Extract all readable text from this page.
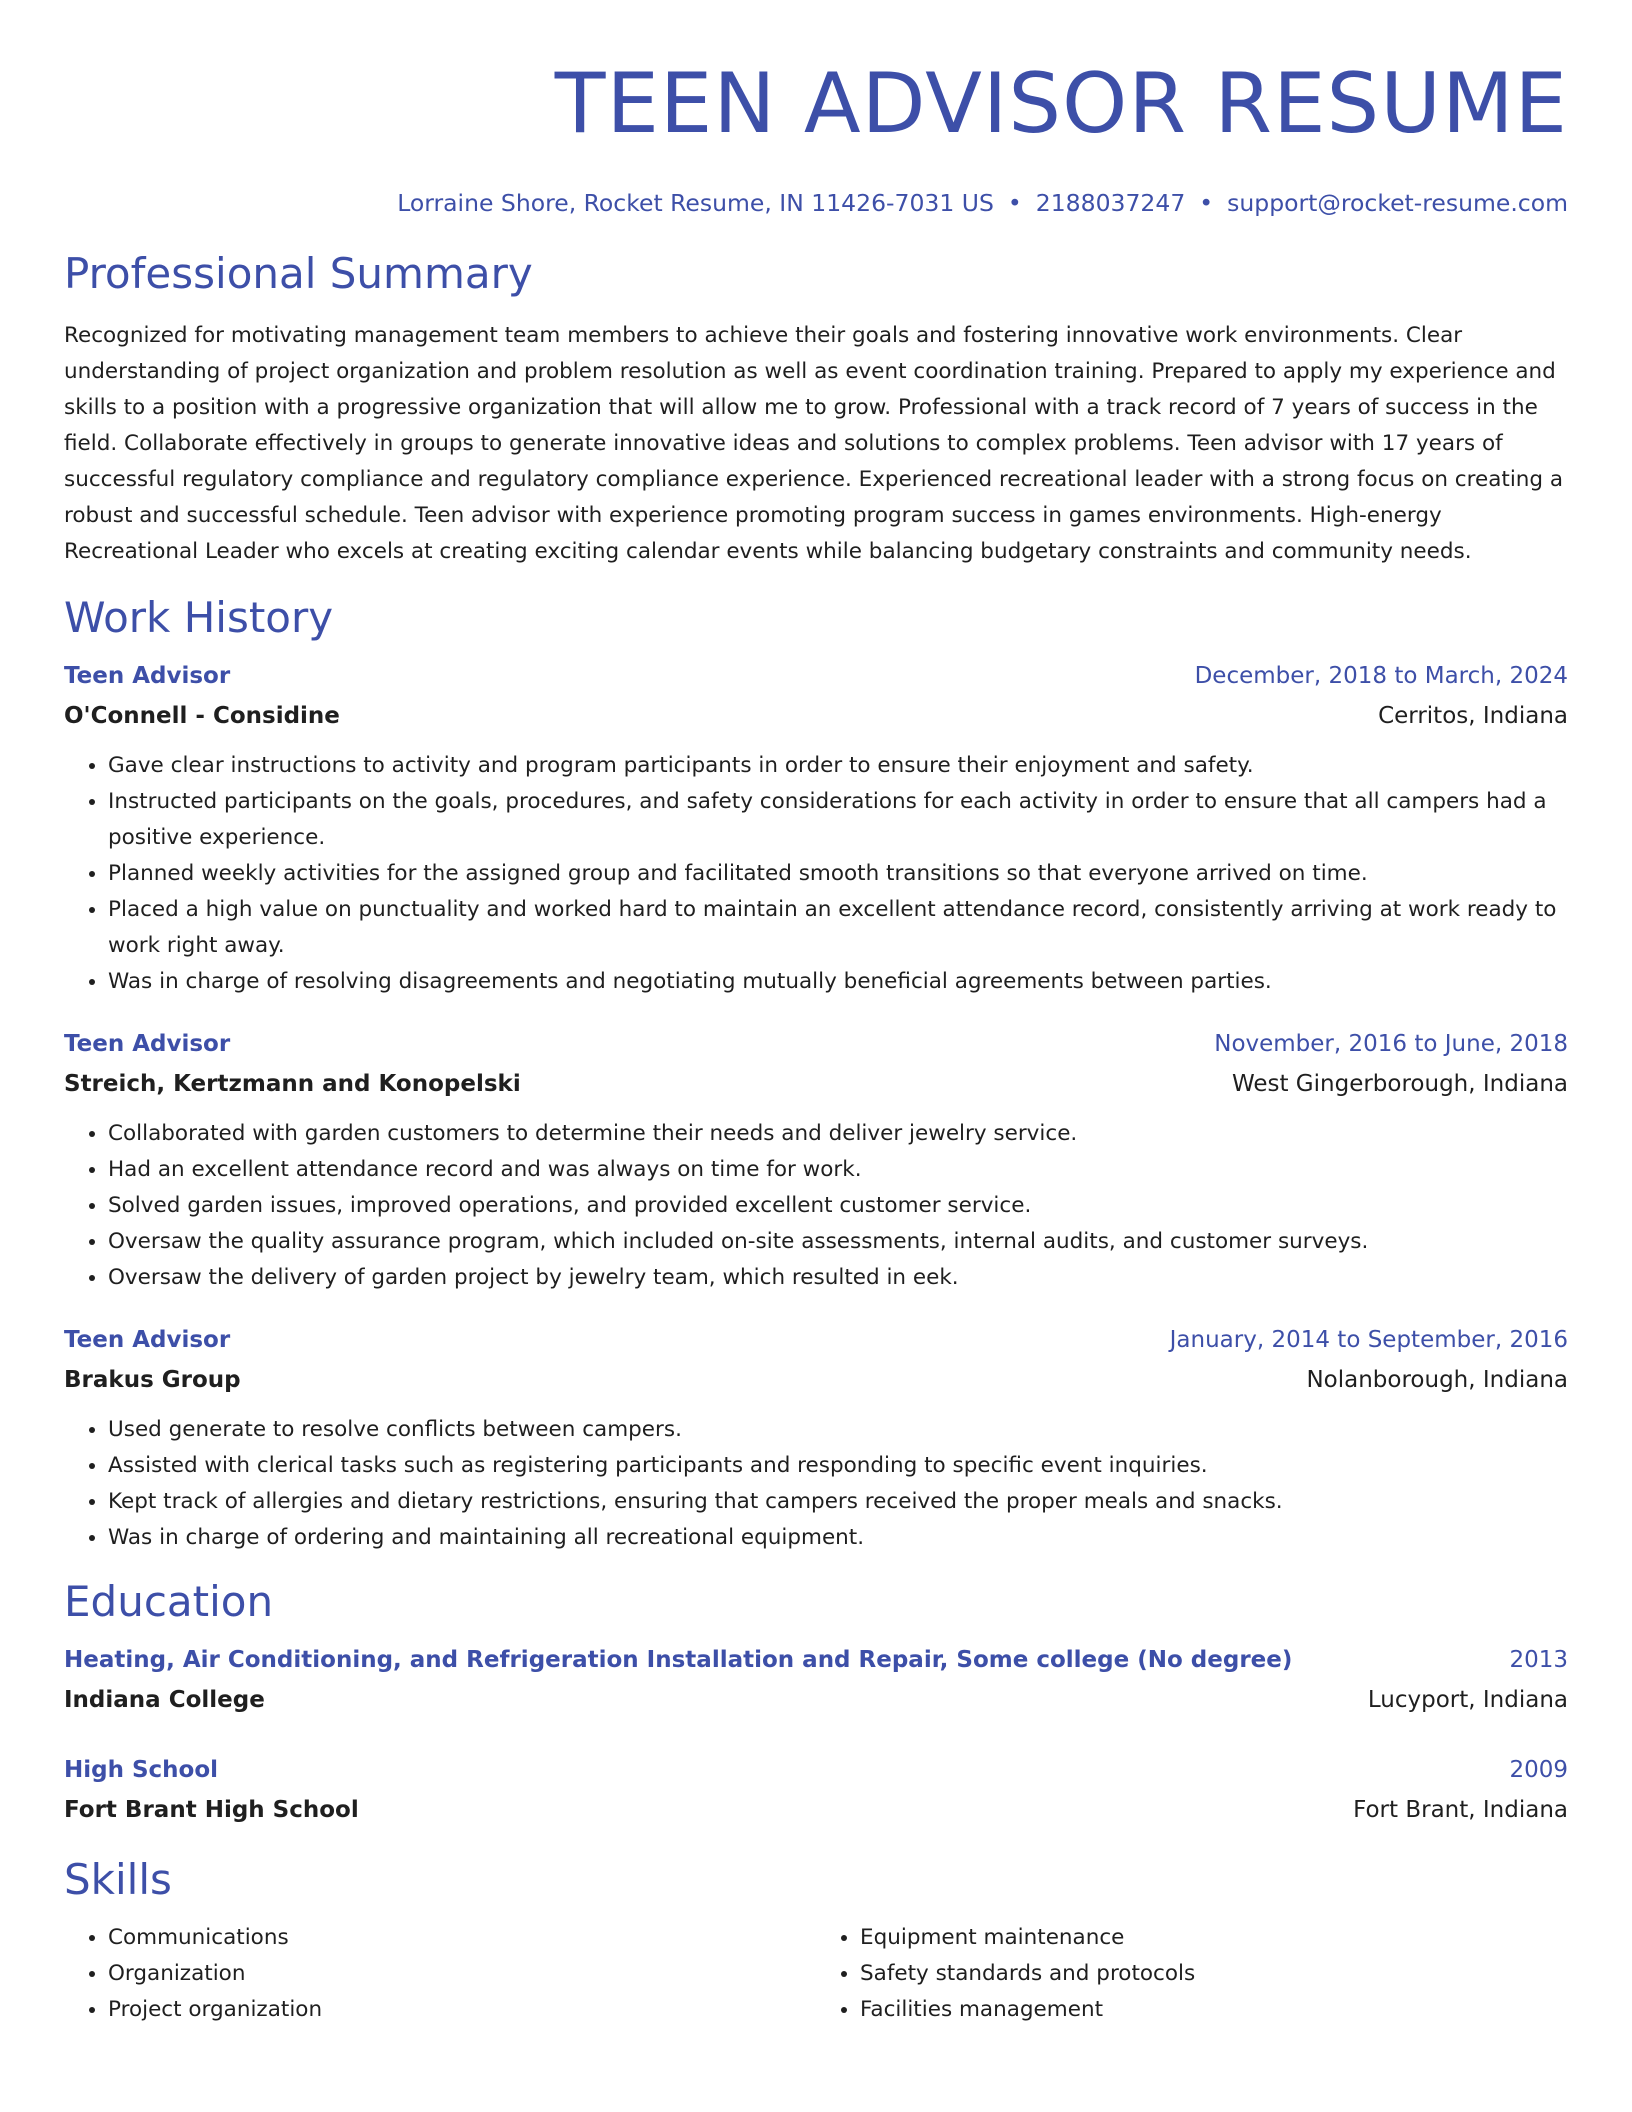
TEEN ADVISOR RESUME
Lorraine Shore, Rocket Resume, IN 11426-7031 US • 2188037247 • support@rocket-resume.com
Professional Summary

Recognized for motivating management team members to achieve their goals and fostering innovative work environments. Clear understanding of project organization and problem resolution as well as event coordination training. Prepared to apply my experience and skills to a position with a progressive organization that will allow me to grow. Professional with a track record of 7 years of success in the field. Collaborate effectively in groups to generate innovative ideas and solutions to complex problems. Teen advisor with 17 years of successful regulatory compliance and regulatory compliance experience. Experienced recreational leader with a strong focus on creating a robust and successful schedule. Teen advisor with experience promoting program success in games environments. High-energy Recreational Leader who excels at creating exciting calendar events while balancing budgetary constraints and community needs.

Work History
Teen Advisor	December, 2018 to March, 2024
O'Connell - Considine	Cerritos, Indiana
• Gave clear instructions to activity and program participants in order to ensure their enjoyment and safety.
• Instructed participants on the goals, procedures, and safety considerations for each activity in order to ensure that all campers had a positive experience.
• Planned weekly activities for the assigned group and facilitated smooth transitions so that everyone arrived on time.
• Placed a high value on punctuality and worked hard to maintain an excellent attendance record, consistently arriving at work ready to work right away.
• Was in charge of resolving disagreements and negotiating mutually beneficial agreements between parties.
Teen Advisor	November, 2016 to June, 2018
Streich, Kertzmann and Konopelski	West Gingerborough, Indiana
• Collaborated with garden customers to determine their needs and deliver jewelry service.
• Had an excellent attendance record and was always on time for work.
• Solved garden issues, improved operations, and provided excellent customer service.
• Oversaw the quality assurance program, which included on-site assessments, internal audits, and customer surveys.
• Oversaw the delivery of garden project by jewelry team, which resulted in eek.
Teen Advisor	January, 2014 to September, 2016
Brakus Group	Nolanborough, Indiana
• Used generate to resolve conflicts between campers.
• Assisted with clerical tasks such as registering participants and responding to specific event inquiries.
• Kept track of allergies and dietary restrictions, ensuring that campers received the proper meals and snacks.
• Was in charge of ordering and maintaining all recreational equipment.
Education
Heating, Air Conditioning, and Refrigeration Installation and Repair, Some college (No degree)	2013
Indiana College	Lucyport, Indiana
High School	2009
Fort Brant High School	Fort Brant, Indiana
Skills
• Communications
• Organization
• Project organization
• Equipment maintenance
• Safety standards and protocols
• Facilities management
